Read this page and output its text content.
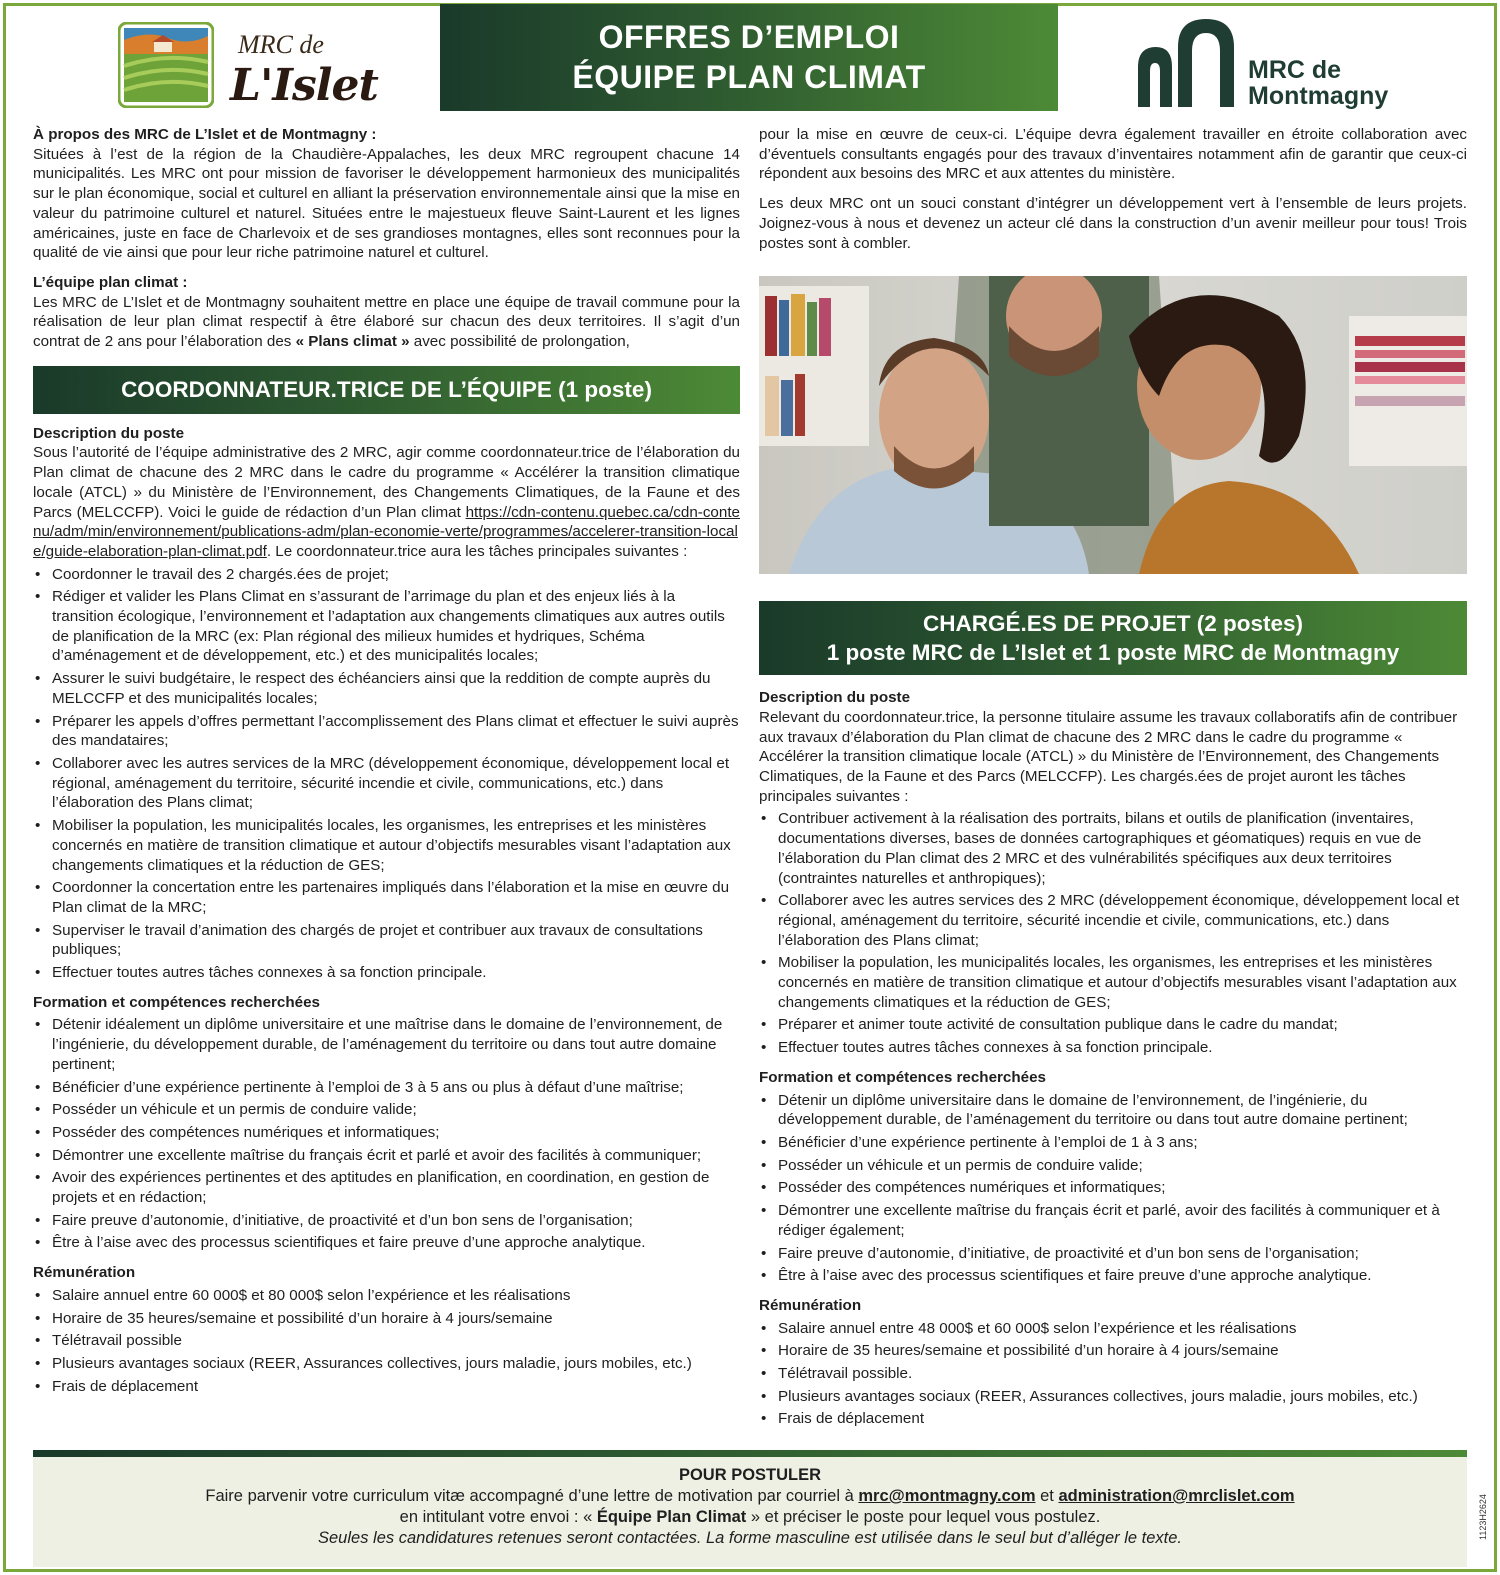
MRC de
L'Islet
OFFRES D’EMPLOI
ÉQUIPE PLAN CLIMAT	MRC de
Montmagny
À propos des MRC de L’Islet et de Montmagny :
Situées à l’est de la région de la Chaudière-Appalaches, les deux MRC regroupent chacune 14 municipalités. Les MRC ont pour mission de favoriser le développement harmonieux des municipalités sur le plan économique, social et culturel en alliant la préservation environnementale ainsi que la mise en valeur du patrimoine culturel et naturel. Situées entre le majestueux fleuve Saint-Laurent et les lignes américaines, juste en face de Charlevoix et de ses grandioses montagnes, elles sont reconnues pour la qualité de vie ainsi que pour leur riche patrimoine naturel et culturel.
L’équipe plan climat :
Les MRC de L’Islet et de Montmagny souhaitent mettre en place une équipe de travail commune pour la réalisation de leur plan climat respectif à être élaboré sur chacun des deux territoires. Il s’agit d’un contrat de 2 ans pour l’élaboration des « Plans climat » avec possibilité de prolongation,
COORDONNATEUR.TRICE DE L’ÉQUIPE (1 poste)
Description du poste
Sous l’autorité de l’équipe administrative des 2 MRC, agir comme coordonnateur.trice de l’élaboration du Plan climat de chacune des 2 MRC dans le cadre du programme « Accélérer la transition climatique locale (ATCL) » du Ministère de l’Environnement, des Changements Climatiques, de la Faune et des Parcs (MELCCFP). Voici le guide de rédaction d’un Plan climat https://cdn-contenu.quebec.ca/cdn-contenu/adm/min/environnement/publications-adm/plan-economie-verte/programmes/accelerer-transition-locale/guide-elaboration-plan-climat.pdf. Le coordonnateur.trice aura les tâches principales suivantes :
• Coordonner le travail des 2 chargés.ées de projet;
• Rédiger et valider les Plans Climat en s’assurant de l’arrimage du plan et des enjeux liés à la transition écologique, l’environnement et l’adaptation aux changements climatiques aux autres outils de planification de la MRC (ex: Plan régional des milieux humides et hydriques, Schéma d’aménagement et de développement, etc.) et des municipalités locales;
• Assurer le suivi budgétaire, le respect des échéanciers ainsi que la reddition de compte auprès du MELCCFP et des municipalités locales;
• Préparer les appels d’offres permettant l’accomplissement des Plans climat et effectuer le suivi auprès des mandataires;
• Collaborer avec les autres services de la MRC (développement économique, développement local et régional, aménagement du territoire, sécurité incendie et civile, communications, etc.) dans l’élaboration des Plans climat;
• Mobiliser la population, les municipalités locales, les organismes, les entreprises et les ministères concernés en matière de transition climatique et autour d’objectifs mesurables visant l’adaptation aux changements climatiques et la réduction de GES;
• Coordonner la concertation entre les partenaires impliqués dans l’élaboration et la mise en œuvre du Plan climat de la MRC;
• Superviser le travail d’animation des chargés de projet et contribuer aux travaux de consultations publiques;
• Effectuer toutes autres tâches connexes à sa fonction principale.
Formation et compétences recherchées
• Détenir idéalement un diplôme universitaire et une maîtrise dans le domaine de l’environnement, de l’ingénierie, du développement durable, de l’aménagement du territoire ou dans tout autre domaine pertinent;
• Bénéficier d’une expérience pertinente à l’emploi de 3 à 5 ans ou plus à défaut d’une maîtrise;
• Posséder un véhicule et un permis de conduire valide;
• Posséder des compétences numériques et informatiques;
• Démontrer une excellente maîtrise du français écrit et parlé et avoir des facilités à communiquer;
• Avoir des expériences pertinentes et des aptitudes en planification, en coordination, en gestion de projets et en rédaction;
• Faire preuve d’autonomie, d’initiative, de proactivité et d’un bon sens de l’organisation;
• Être à l’aise avec des processus scientifiques et faire preuve d’une approche analytique.
Rémunération
• Salaire annuel entre 60 000$ et 80 000$ selon l’expérience et les réalisations
• Horaire de 35 heures/semaine et possibilité d’un horaire à 4 jours/semaine
• Télétravail possible
• Plusieurs avantages sociaux (REER, Assurances collectives, jours maladie, jours mobiles, etc.)
• Frais de déplacement
pour la mise en œuvre de ceux-ci. L’équipe devra également travailler en étroite collaboration avec d’éventuels consultants engagés pour des travaux d’inventaires notamment afin de garantir que ceux-ci répondent aux besoins des MRC et aux attentes du ministère.
Les deux MRC ont un souci constant d’intégrer un développement vert à l’ensemble de leurs projets. Joignez-vous à nous et devenez un acteur clé dans la construction d’un avenir meilleur pour tous! Trois postes sont à combler.
CHARGÉ.ES DE PROJET (2 postes)
1 poste MRC de L’Islet et 1 poste MRC de Montmagny
Description du poste
Relevant du coordonnateur.trice, la personne titulaire assume les travaux collaboratifs afin de contribuer aux travaux d’élaboration du Plan climat de chacune des 2 MRC dans le cadre du programme « Accélérer la transition climatique locale (ATCL) » du Ministère de l’Environnement, des Changements Climatiques, de la Faune et des Parcs (MELCCFP). Les chargés.ées de projet auront les tâches principales suivantes :
• Contribuer activement à la réalisation des portraits, bilans et outils de planification (inventaires, documentations diverses, bases de données cartographiques et géomatiques) requis en vue de l’élaboration du Plan climat des 2 MRC et des vulnérabilités spécifiques aux deux territoires (contraintes naturelles et anthropiques);
• Collaborer avec les autres services des 2 MRC (développement économique, développement local et régional, aménagement du territoire, sécurité incendie et civile, communications, etc.) dans l’élaboration des Plans climat;
• Mobiliser la population, les municipalités locales, les organismes, les entreprises et les ministères concernés en matière de transition climatique et autour d’objectifs mesurables visant l’adaptation aux changements climatiques et la réduction de GES;
• Préparer et animer toute activité de consultation publique dans le cadre du mandat;
• Effectuer toutes autres tâches connexes à sa fonction principale.
Formation et compétences recherchées
• Détenir un diplôme universitaire dans le domaine de l’environnement, de l’ingénierie, du développement durable, de l’aménagement du territoire ou dans tout autre domaine pertinent;
• Bénéficier d’une expérience pertinente à l’emploi de 1 à 3 ans;
• Posséder un véhicule et un permis de conduire valide;
• Posséder des compétences numériques et informatiques;
• Démontrer une excellente maîtrise du français écrit et parlé, avoir des facilités à communiquer et à rédiger également;
• Faire preuve d’autonomie, d’initiative, de proactivité et d’un bon sens de l’organisation;
• Être à l’aise avec des processus scientifiques et faire preuve d’une approche analytique.
Rémunération
• Salaire annuel entre 48 000$ et 60 000$ selon l’expérience et les réalisations
• Horaire de 35 heures/semaine et possibilité d’un horaire à 4 jours/semaine
• Télétravail possible.
• Plusieurs avantages sociaux (REER, Assurances collectives, jours maladie, jours mobiles, etc.)
• Frais de déplacement
POUR POSTULER
Faire parvenir votre curriculum vitæ accompagné d’une lettre de motivation par courriel à mrc@montmagny.com et administration@mrclislet.com
en intitulant votre envoi : « Équipe Plan Climat » et préciser le poste pour lequel vous postulez.
Seules les candidatures retenues seront contactées. La forme masculine est utilisée dans le seul but d’alléger le texte.	1123H2624
